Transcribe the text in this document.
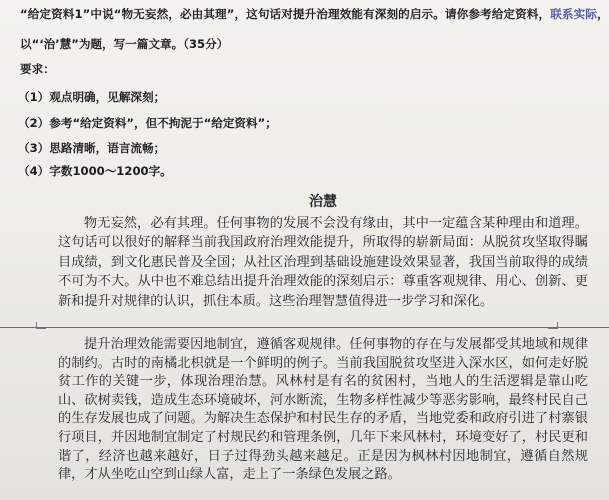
“给定资料1”中说“物无妄然，必由其理”，这句话对提升治理效能有深刻的启示。请你参考给定资料，联系实际，
以“‘治’慧”为题，写一篇文章。（35分）
要求：
（1）观点明确，见解深刻；
（2）参考“给定资料”，但不拘泥于“给定资料”；
（3）思路清晰，语言流畅；
（4）字数1000～1200字。
治慧
物无妄然，必有其理。任何事物的发展不会没有缘由，其中一定蕴含某种理由和道理。这句话可以很好的解释当前我国政府治理效能提升，所取得的崭新局面：从脱贫攻坚取得瞩目成绩，到文化惠民普及全国；从社区治理到基础设施建设效果显著，我国当前取得的成绩不可为不大。从中也不难总结出提升治理效能的深刻启示：尊重客观规律、用心、创新、更新和提升对规律的认识，抓住本质。这些治理智慧值得进一步学习和深化。
提升治理效能需要因地制宜，遵循客观规律。任何事物的存在与发展都受其地域和规律的制约。古时的南橘北枳就是一个鲜明的例子。当前我国脱贫攻坚进入深水区，如何走好脱贫工作的关键一步，体现治理治慧。风林村是有名的贫困村，当地人的生活逻辑是靠山吃山、砍树卖钱，造成生态环境破坏，河水断流，生物多样性减少等恶劣影响，最终村民自己的生存发展也成了问题。为解决生态保护和村民生存的矛盾，当地党委和政府引进了村寨银行项目，并因地制宜制定了村规民约和管理条例，几年下来风林村，环境变好了，村民更和谐了，经济也越来越好，日子过得劲头越来越足。正是因为枫林村因地制宜，遵循自然规律，才从坐吃山空到山绿人富，走上了一条绿色发展之路。
